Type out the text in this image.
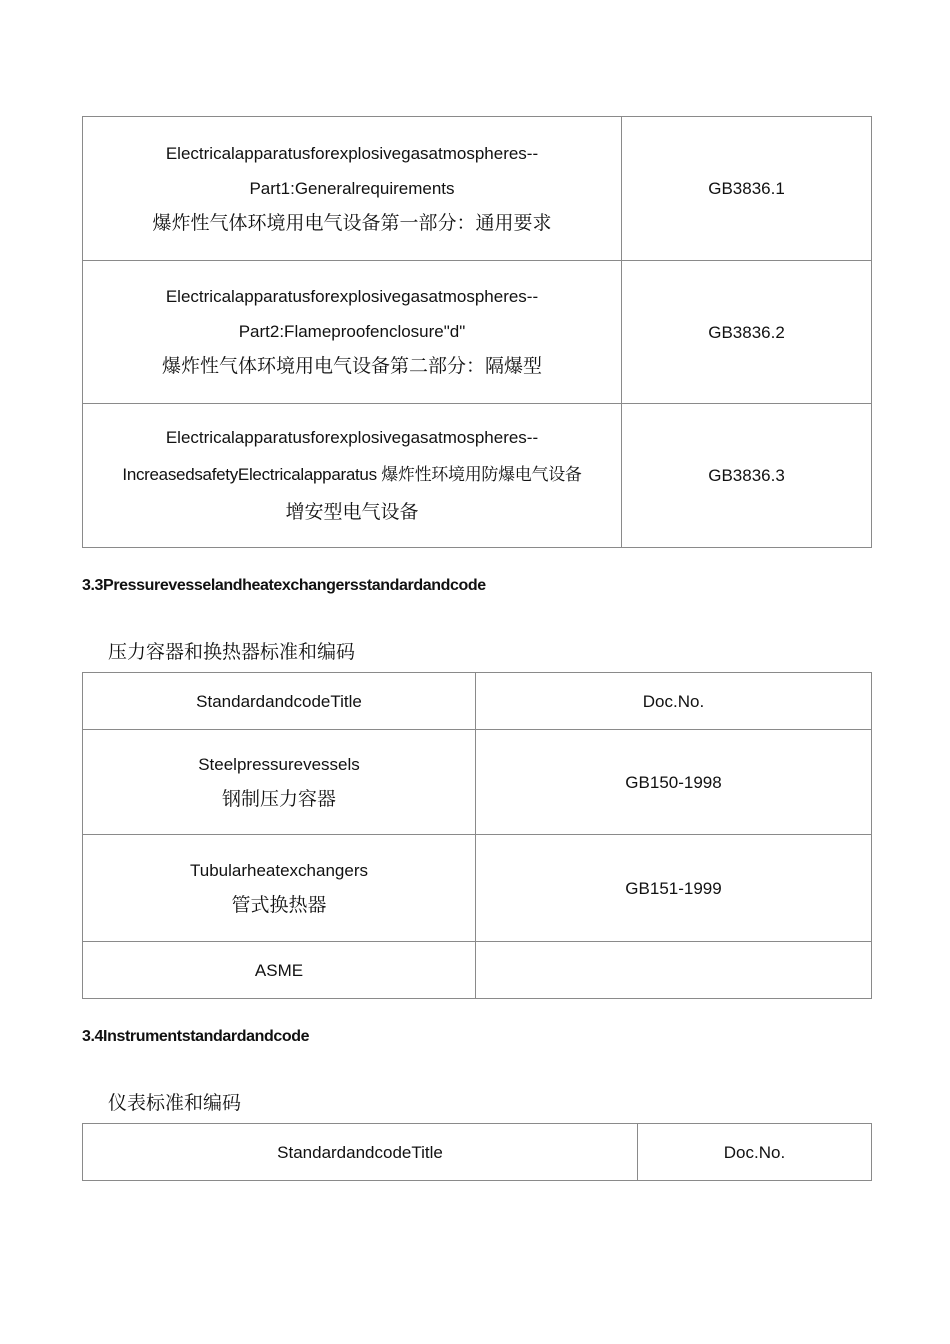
Electricalapparatusforexplosivegasatmospheres--
Part1:Generalrequirements
爆炸性气体环境用电气设备第一部分：通用要求	GB3836.1

Electricalapparatusforexplosivegasatmospheres--
Part2:Flameproofenclosure"d"
爆炸性气体环境用电气设备第二部分：隔爆型	GB3836.2

Electricalapparatusforexplosivegasatmospheres--
IncreasedsafetyElectricalapparatus 爆炸性环境用防爆电气设备
增安型电气设备	GB3836.3
3.3Pressurevesselandheatexchangersstandardandcode
压力容器和换热器标准和编码
StandardandcodeTitle	Doc.No.

Steelpressurevessels
钢制压力容器	GB150-1998

Tubularheatexchangers
管式换热器	GB151-1999
ASME	
3.4Instrumentstandardandcode
仪表标准和编码
StandardandcodeTitle	Doc.No.
